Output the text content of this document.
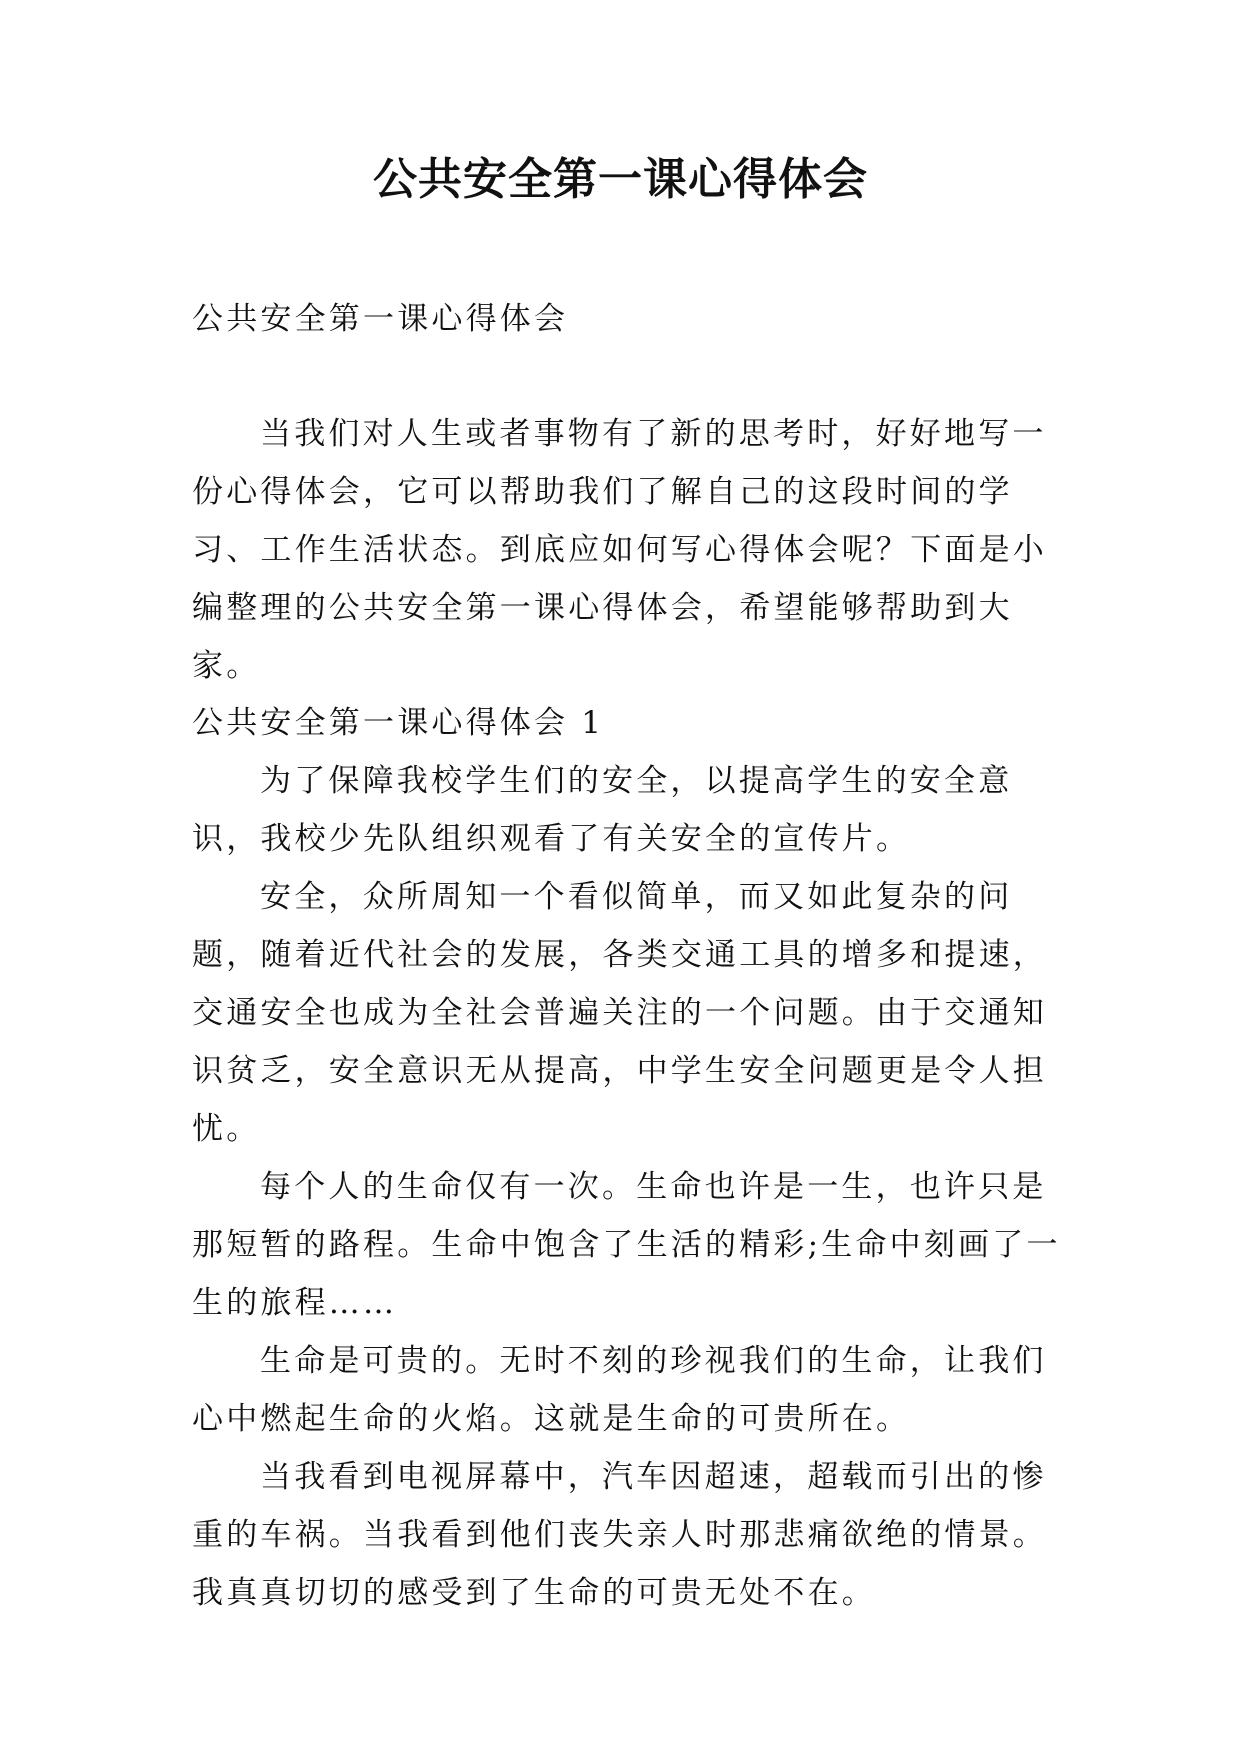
公共安全第一课心得体会
公共安全第一课心得体会

当我们对人生或者事物有了新的思考时，好好地写一份心得体会，它可以帮助我们了解自己的这段时间的学习、工作生活状态。到底应如何写心得体会呢？下面是小编整理的公共安全第一课心得体会，希望能够帮助到大家。

公共安全第一课心得体会 1

为了保障我校学生们的安全，以提高学生的安全意识，我校少先队组织观看了有关安全的宣传片。

安全，众所周知一个看似简单，而又如此复杂的问题，随着近代社会的发展，各类交通工具的增多和提速，交通安全也成为全社会普遍关注的一个问题。由于交通知识贫乏，安全意识无从提高，中学生安全问题更是令人担忧。

每个人的生命仅有一次。生命也许是一生，也许只是那短暂的路程。生命中饱含了生活的精彩;生命中刻画了一生的旅程……

生命是可贵的。无时不刻的珍视我们的生命，让我们心中燃起生命的火焰。这就是生命的可贵所在。

当我看到电视屏幕中，汽车因超速，超载而引出的惨重的车祸。当我看到他们丧失亲人时那悲痛欲绝的情景。我真真切切的感受到了生命的可贵无处不在。
